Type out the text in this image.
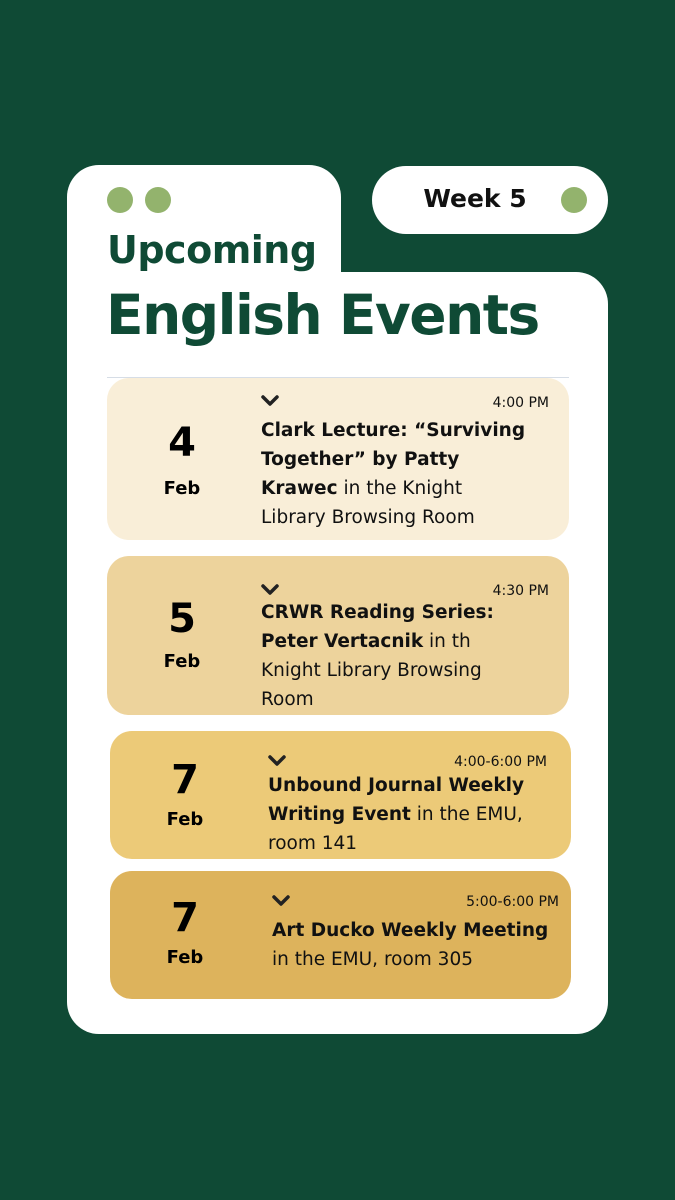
Week 5
Upcoming
English Events
4
Feb
4:00 PM
Clark Lecture: “Surviving
Together” by Patty
Krawec in the Knight
Library Browsing Room
5
Feb
4:30 PM
CRWR Reading Series:
Peter Vertacnik in th
Knight Library Browsing
Room
7
Feb
4:00-6:00 PM
Unbound Journal Weekly
Writing Event in the EMU,
room 141
7
Feb
5:00-6:00 PM
Art Ducko Weekly Meeting
in the EMU, room 305
